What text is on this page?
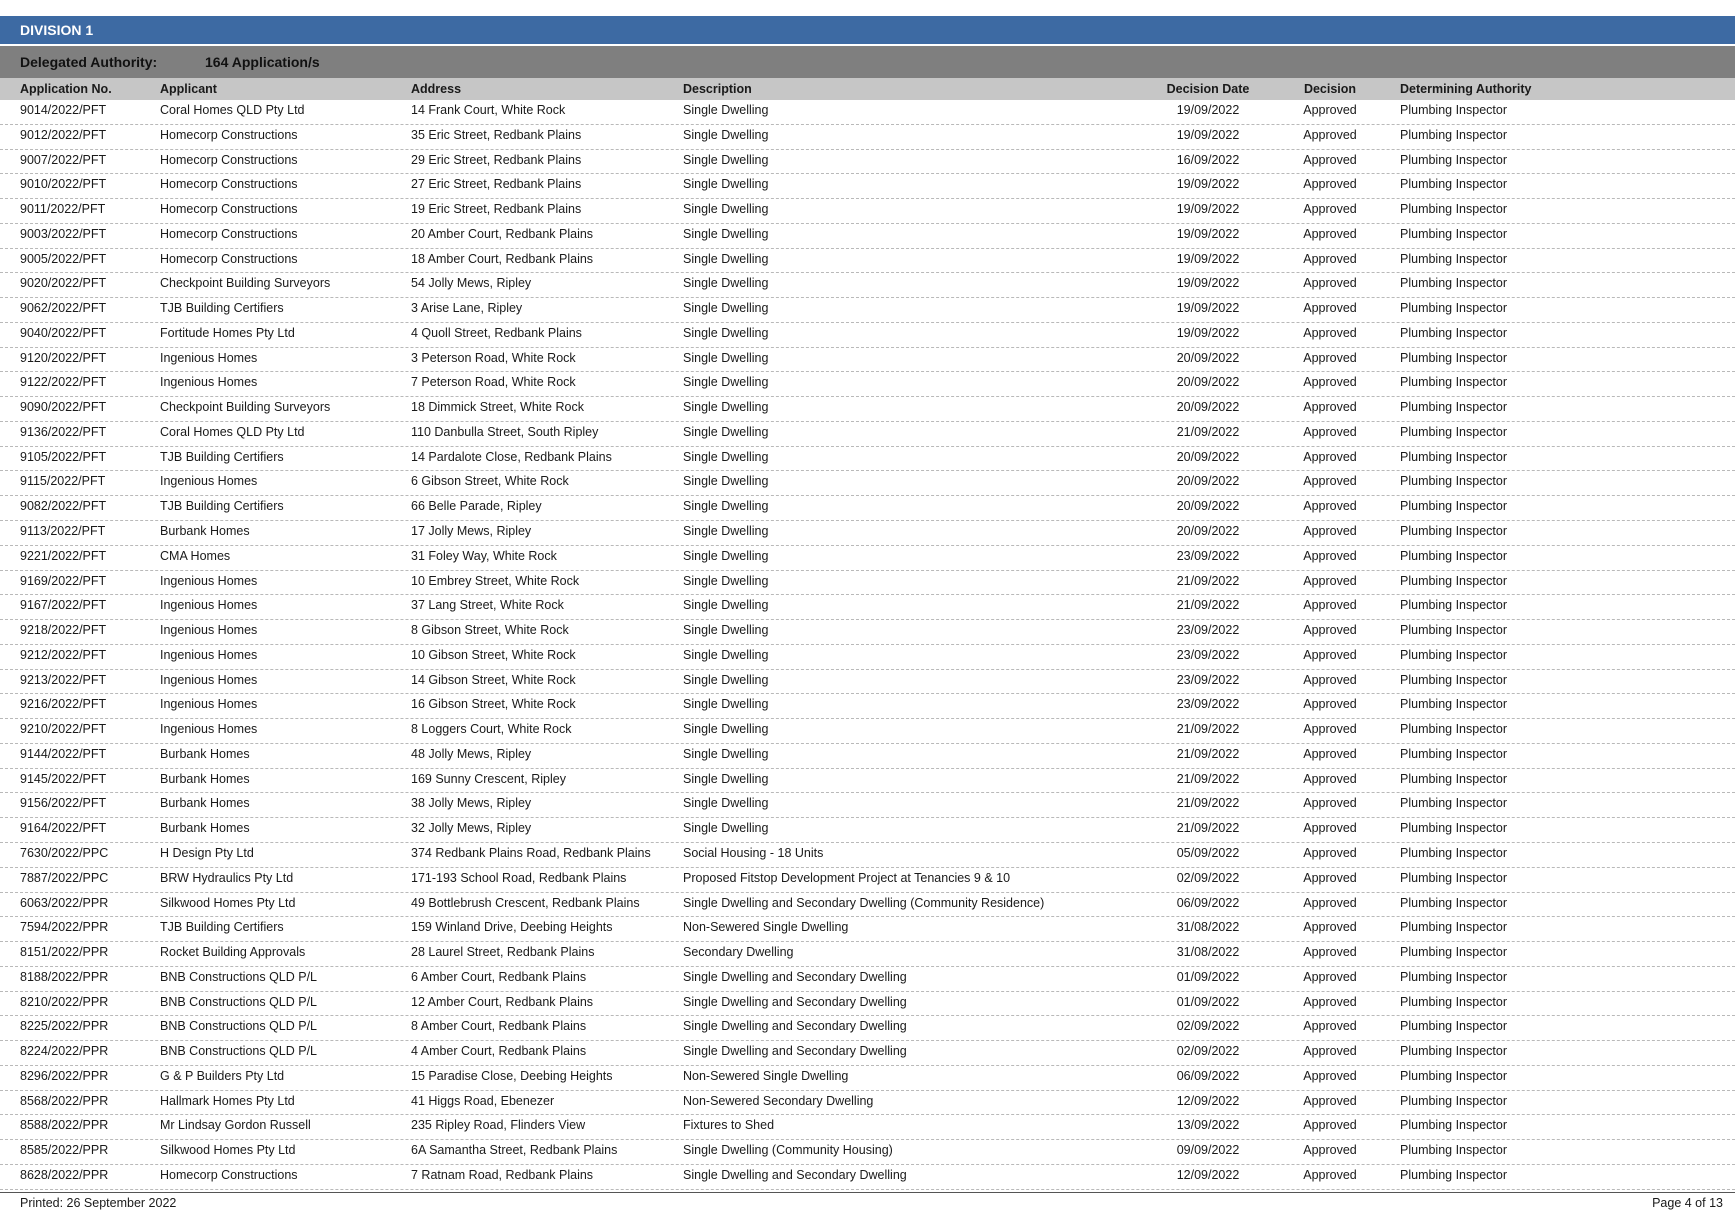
DIVISION 1
Delegated Authority:	164 Application/s
Application No.	Applicant	Address	Description	Decision Date	Decision	Determining Authority
9014/2022/PFT	Coral Homes QLD Pty Ltd	14 Frank Court, White Rock	Single Dwelling	19/09/2022	Approved	Plumbing Inspector
9012/2022/PFT	Homecorp Constructions	35 Eric Street, Redbank Plains	Single Dwelling	19/09/2022	Approved	Plumbing Inspector
9007/2022/PFT	Homecorp Constructions	29 Eric Street, Redbank Plains	Single Dwelling	16/09/2022	Approved	Plumbing Inspector
9010/2022/PFT	Homecorp Constructions	27 Eric Street, Redbank Plains	Single Dwelling	19/09/2022	Approved	Plumbing Inspector
9011/2022/PFT	Homecorp Constructions	19 Eric Street, Redbank Plains	Single Dwelling	19/09/2022	Approved	Plumbing Inspector
9003/2022/PFT	Homecorp Constructions	20 Amber Court, Redbank Plains	Single Dwelling	19/09/2022	Approved	Plumbing Inspector
9005/2022/PFT	Homecorp Constructions	18 Amber Court, Redbank Plains	Single Dwelling	19/09/2022	Approved	Plumbing Inspector
9020/2022/PFT	Checkpoint Building Surveyors	54 Jolly Mews, Ripley	Single Dwelling	19/09/2022	Approved	Plumbing Inspector
9062/2022/PFT	TJB Building Certifiers	3 Arise Lane, Ripley	Single Dwelling	19/09/2022	Approved	Plumbing Inspector
9040/2022/PFT	Fortitude Homes Pty Ltd	4 Quoll Street, Redbank Plains	Single Dwelling	19/09/2022	Approved	Plumbing Inspector
9120/2022/PFT	Ingenious Homes	3 Peterson Road, White Rock	Single Dwelling	20/09/2022	Approved	Plumbing Inspector
9122/2022/PFT	Ingenious Homes	7 Peterson Road, White Rock	Single Dwelling	20/09/2022	Approved	Plumbing Inspector
9090/2022/PFT	Checkpoint Building Surveyors	18 Dimmick Street, White Rock	Single Dwelling	20/09/2022	Approved	Plumbing Inspector
9136/2022/PFT	Coral Homes QLD Pty Ltd	110 Danbulla Street, South Ripley	Single Dwelling	21/09/2022	Approved	Plumbing Inspector
9105/2022/PFT	TJB Building Certifiers	14 Pardalote Close, Redbank Plains	Single Dwelling	20/09/2022	Approved	Plumbing Inspector
9115/2022/PFT	Ingenious Homes	6 Gibson Street, White Rock	Single Dwelling	20/09/2022	Approved	Plumbing Inspector
9082/2022/PFT	TJB Building Certifiers	66 Belle Parade, Ripley	Single Dwelling	20/09/2022	Approved	Plumbing Inspector
9113/2022/PFT	Burbank Homes	17 Jolly Mews, Ripley	Single Dwelling	20/09/2022	Approved	Plumbing Inspector
9221/2022/PFT	CMA Homes	31 Foley Way, White Rock	Single Dwelling	23/09/2022	Approved	Plumbing Inspector
9169/2022/PFT	Ingenious Homes	10 Embrey Street, White Rock	Single Dwelling	21/09/2022	Approved	Plumbing Inspector
9167/2022/PFT	Ingenious Homes	37 Lang Street, White Rock	Single Dwelling	21/09/2022	Approved	Plumbing Inspector
9218/2022/PFT	Ingenious Homes	8 Gibson Street, White Rock	Single Dwelling	23/09/2022	Approved	Plumbing Inspector
9212/2022/PFT	Ingenious Homes	10 Gibson Street, White Rock	Single Dwelling	23/09/2022	Approved	Plumbing Inspector
9213/2022/PFT	Ingenious Homes	14 Gibson Street, White Rock	Single Dwelling	23/09/2022	Approved	Plumbing Inspector
9216/2022/PFT	Ingenious Homes	16 Gibson Street, White Rock	Single Dwelling	23/09/2022	Approved	Plumbing Inspector
9210/2022/PFT	Ingenious Homes	8 Loggers Court, White Rock	Single Dwelling	21/09/2022	Approved	Plumbing Inspector
9144/2022/PFT	Burbank Homes	48 Jolly Mews, Ripley	Single Dwelling	21/09/2022	Approved	Plumbing Inspector
9145/2022/PFT	Burbank Homes	169 Sunny Crescent, Ripley	Single Dwelling	21/09/2022	Approved	Plumbing Inspector
9156/2022/PFT	Burbank Homes	38 Jolly Mews, Ripley	Single Dwelling	21/09/2022	Approved	Plumbing Inspector
9164/2022/PFT	Burbank Homes	32 Jolly Mews, Ripley	Single Dwelling	21/09/2022	Approved	Plumbing Inspector
7630/2022/PPC	H Design Pty Ltd	374 Redbank Plains Road, Redbank Plains	Social Housing - 18 Units	05/09/2022	Approved	Plumbing Inspector
7887/2022/PPC	BRW Hydraulics Pty Ltd	171-193 School Road, Redbank Plains	Proposed Fitstop Development Project at Tenancies 9 & 10	02/09/2022	Approved	Plumbing Inspector
6063/2022/PPR	Silkwood Homes Pty Ltd	49 Bottlebrush Crescent, Redbank Plains	Single Dwelling and Secondary Dwelling (Community Residence)	06/09/2022	Approved	Plumbing Inspector
7594/2022/PPR	TJB Building Certifiers	159 Winland Drive, Deebing Heights	Non-Sewered Single Dwelling	31/08/2022	Approved	Plumbing Inspector
8151/2022/PPR	Rocket Building Approvals	28 Laurel Street, Redbank Plains	Secondary Dwelling	31/08/2022	Approved	Plumbing Inspector
8188/2022/PPR	BNB Constructions QLD P/L	6 Amber Court, Redbank Plains	Single Dwelling and Secondary Dwelling	01/09/2022	Approved	Plumbing Inspector
8210/2022/PPR	BNB Constructions QLD P/L	12 Amber Court, Redbank Plains	Single Dwelling and Secondary Dwelling	01/09/2022	Approved	Plumbing Inspector
8225/2022/PPR	BNB Constructions QLD P/L	8 Amber Court, Redbank Plains	Single Dwelling and Secondary Dwelling	02/09/2022	Approved	Plumbing Inspector
8224/2022/PPR	BNB Constructions QLD P/L	4 Amber Court, Redbank Plains	Single Dwelling and Secondary Dwelling	02/09/2022	Approved	Plumbing Inspector
8296/2022/PPR	G & P Builders Pty Ltd	15 Paradise Close, Deebing Heights	Non-Sewered Single Dwelling	06/09/2022	Approved	Plumbing Inspector
8568/2022/PPR	Hallmark Homes Pty Ltd	41 Higgs Road, Ebenezer	Non-Sewered Secondary Dwelling	12/09/2022	Approved	Plumbing Inspector
8588/2022/PPR	Mr Lindsay Gordon Russell	235 Ripley Road, Flinders View	Fixtures to Shed	13/09/2022	Approved	Plumbing Inspector
8585/2022/PPR	Silkwood Homes Pty Ltd	6A Samantha Street, Redbank Plains	Single Dwelling (Community Housing)	09/09/2022	Approved	Plumbing Inspector
8628/2022/PPR	Homecorp Constructions	7 Ratnam Road, Redbank Plains	Single Dwelling and Secondary Dwelling	12/09/2022	Approved	Plumbing Inspector
Printed: 26 September 2022	Page 4 of 13
